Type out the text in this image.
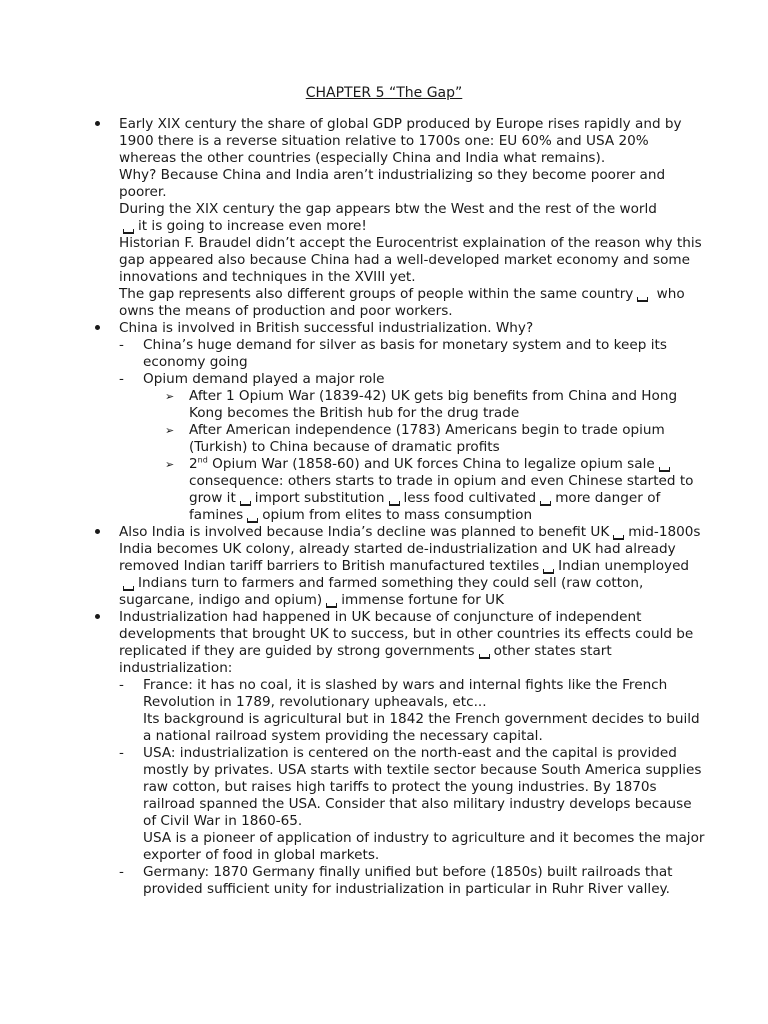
CHAPTER 5 “The Gap”

Early XIX century the share of global GDP produced by Europe rises rapidly and by 1900 there is a reverse situation relative to 1700s one: EU 60% and USA 20% whereas the other countries (especially China and India what remains).

Why? Because China and India aren’t industrializing so they become poorer and poorer.

During the XIX century the gap appears btw the West and the rest of the world
it is going to increase even more!

Historian F. Braudel didn’t accept the Eurocentrist explaination of the reason why this gap appeared also because China had a well-developed market economy and some innovations and techniques in the XVIII yet.

The gap represents also different groups of people within the same country who owns the means of production and poor workers.

China is involved in British successful industrialization. Why?

- China’s huge demand for silver as basis for monetary system and to keep its economy going

- Opium demand played a major role

➢ After 1 Opium War (1839-42) UK gets big benefits from China and Hong Kong becomes the British hub for the drug trade

➢ After American independence (1783) Americans begin to trade opium (Turkish) to China because of dramatic profits

➢ 2nd Opium War (1858-60) and UK forces China to legalize opium sale consequence: others starts to trade in opium and even Chinese started to grow it import substitution less food cultivated more danger of famines opium from elites to mass consumption

Also India is involved because India’s decline was planned to benefit UK mid-1800s India becomes UK colony, already started de-industrialization and UK had already removed Indian tariff barriers to British manufactured textiles Indian unemployedIndians turn to farmers and farmed something they could sell (raw cotton, sugarcane, indigo and opium) immense fortune for UK

Industrialization had happened in UK because of conjuncture of independent developments that brought UK to success, but in other countries its effects could be replicated if they are guided by strong governments other states start industrialization:

- France: it has no coal, it is slashed by wars and internal fights like the French Revolution in 1789, revolutionary upheavals, etc...

Its background is agricultural but in 1842 the French government decides to build a national railroad system providing the necessary capital.

- USA: industrialization is centered on the north-east and the capital is provided mostly by privates. USA starts with textile sector because South America supplies raw cotton, but raises high tariffs to protect the young industries. By 1870s railroad spanned the USA. Consider that also military industry develops because of Civil War in 1860-65.

USA is a pioneer of application of industry to agriculture and it becomes the major exporter of food in global markets.

- Germany: 1870 Germany finally unified but before (1850s) built railroads that provided sufficient unity for industrialization in particular in Ruhr River valley.
